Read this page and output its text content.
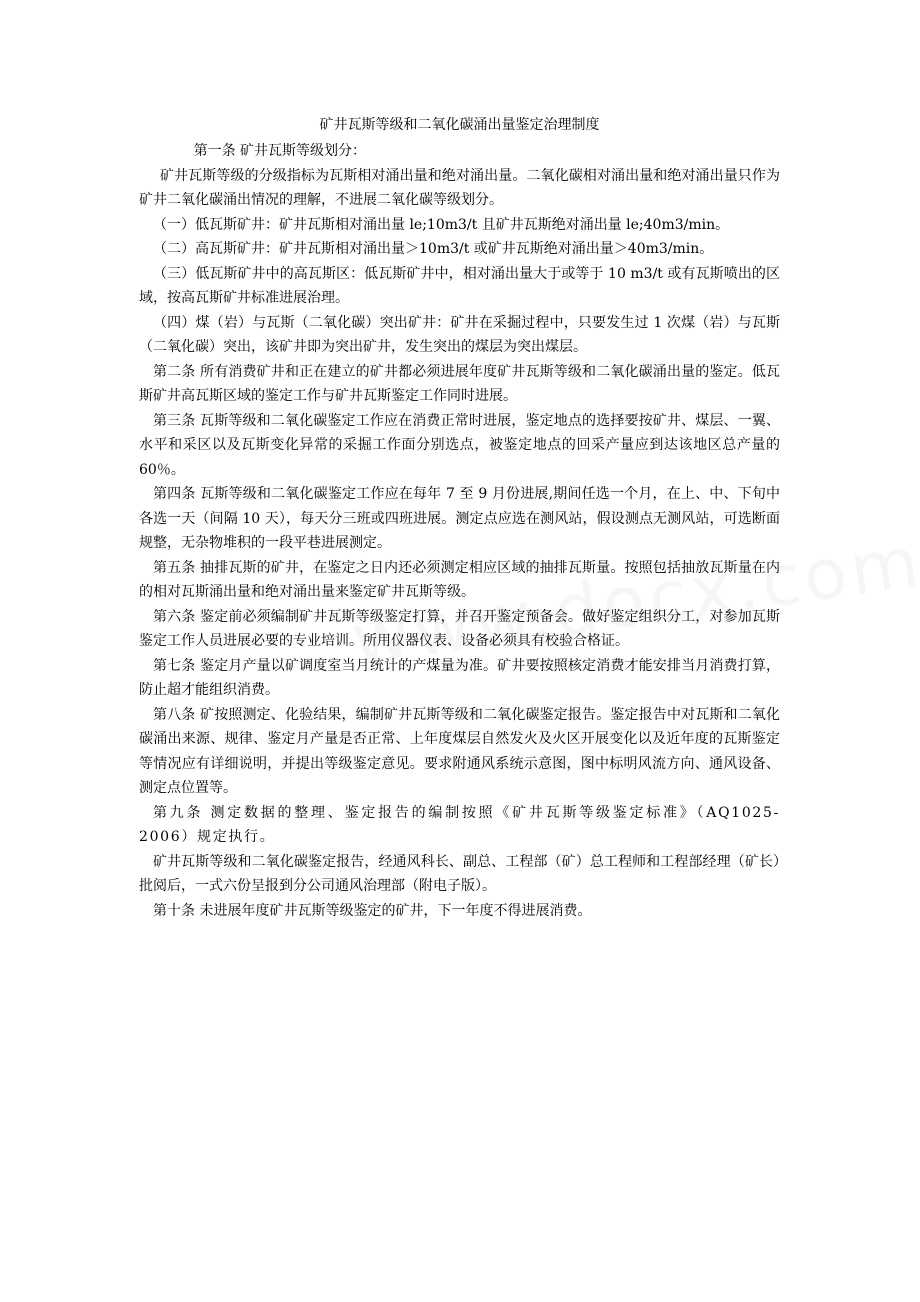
矿井瓦斯等级和二氧化碳涌出量鉴定治理制度

第一条 矿井瓦斯等级划分：

矿井瓦斯等级的分级指标为瓦斯相对涌出量和绝对涌出量。二氧化碳相对涌出量和绝对涌出量只作为矿井二氧化碳涌出情况的理解，不进展二氧化碳等级划分。

（一）低瓦斯矿井：矿井瓦斯相对涌出量 le;10m3/t 且矿井瓦斯绝对涌出量 le;40m3/min。

（二）高瓦斯矿井：矿井瓦斯相对涌出量＞10m3/t 或矿井瓦斯绝对涌出量＞40m3/min。

（三）低瓦斯矿井中的高瓦斯区：低瓦斯矿井中，相对涌出量大于或等于 10 m3/t 或有瓦斯喷出的区域，按高瓦斯矿井标准进展治理。

（四）煤（岩）与瓦斯（二氧化碳）突出矿井：矿井在采掘过程中，只要发生过 1 次煤（岩）与瓦斯（二氧化碳）突出，该矿井即为突出矿井，发生突出的煤层为突出煤层。

第二条 所有消费矿井和正在建立的矿井都必须进展年度矿井瓦斯等级和二氧化碳涌出量的鉴定。低瓦斯矿井高瓦斯区域的鉴定工作与矿井瓦斯鉴定工作同时进展。

第三条 瓦斯等级和二氧化碳鉴定工作应在消费正常时进展，鉴定地点的选择要按矿井、煤层、一翼、水平和采区以及瓦斯变化异常的采掘工作面分别选点，被鉴定地点的回采产量应到达该地区总产量的 60％。

第四条 瓦斯等级和二氧化碳鉴定工作应在每年 7 至 9 月份进展,期间任选一个月，在上、中、下旬中各选一天（间隔 10 天），每天分三班或四班进展。测定点应选在测风站，假设测点无测风站，可选断面规整，无杂物堆积的一段平巷进展测定。

第五条 抽排瓦斯的矿井，在鉴定之日内还必须测定相应区域的抽排瓦斯量。按照包括抽放瓦斯量在内的相对瓦斯涌出量和绝对涌出量来鉴定矿井瓦斯等级。

第六条 鉴定前必须编制矿井瓦斯等级鉴定打算，并召开鉴定预备会。做好鉴定组织分工，对参加瓦斯鉴定工作人员进展必要的专业培训。所用仪器仪表、设备必须具有校验合格证。

第七条 鉴定月产量以矿调度室当月统计的产煤量为准。矿井要按照核定消费才能安排当月消费打算，防止超才能组织消费。

第八条 矿按照测定、化验结果，编制矿井瓦斯等级和二氧化碳鉴定报告。鉴定报告中对瓦斯和二氧化碳涌出来源、规律、鉴定月产量是否正常、上年度煤层自然发火及火区开展变化以及近年度的瓦斯鉴定等情况应有详细说明，并提出等级鉴定意见。要求附通风系统示意图，图中标明风流方向、通风设备、测定点位置等。

第九条 测定数据的整理、鉴定报告的编制按照《矿井瓦斯等级鉴定标准》（AQ1025-2006）规定执行。

矿井瓦斯等级和二氧化碳鉴定报告，经通风科长、副总、工程部（矿）总工程师和工程部经理（矿长）批阅后，一式六份呈报到分公司通风治理部（附电子版）。

第十条 未进展年度矿井瓦斯等级鉴定的矿井，下一年度不得进展消费。
